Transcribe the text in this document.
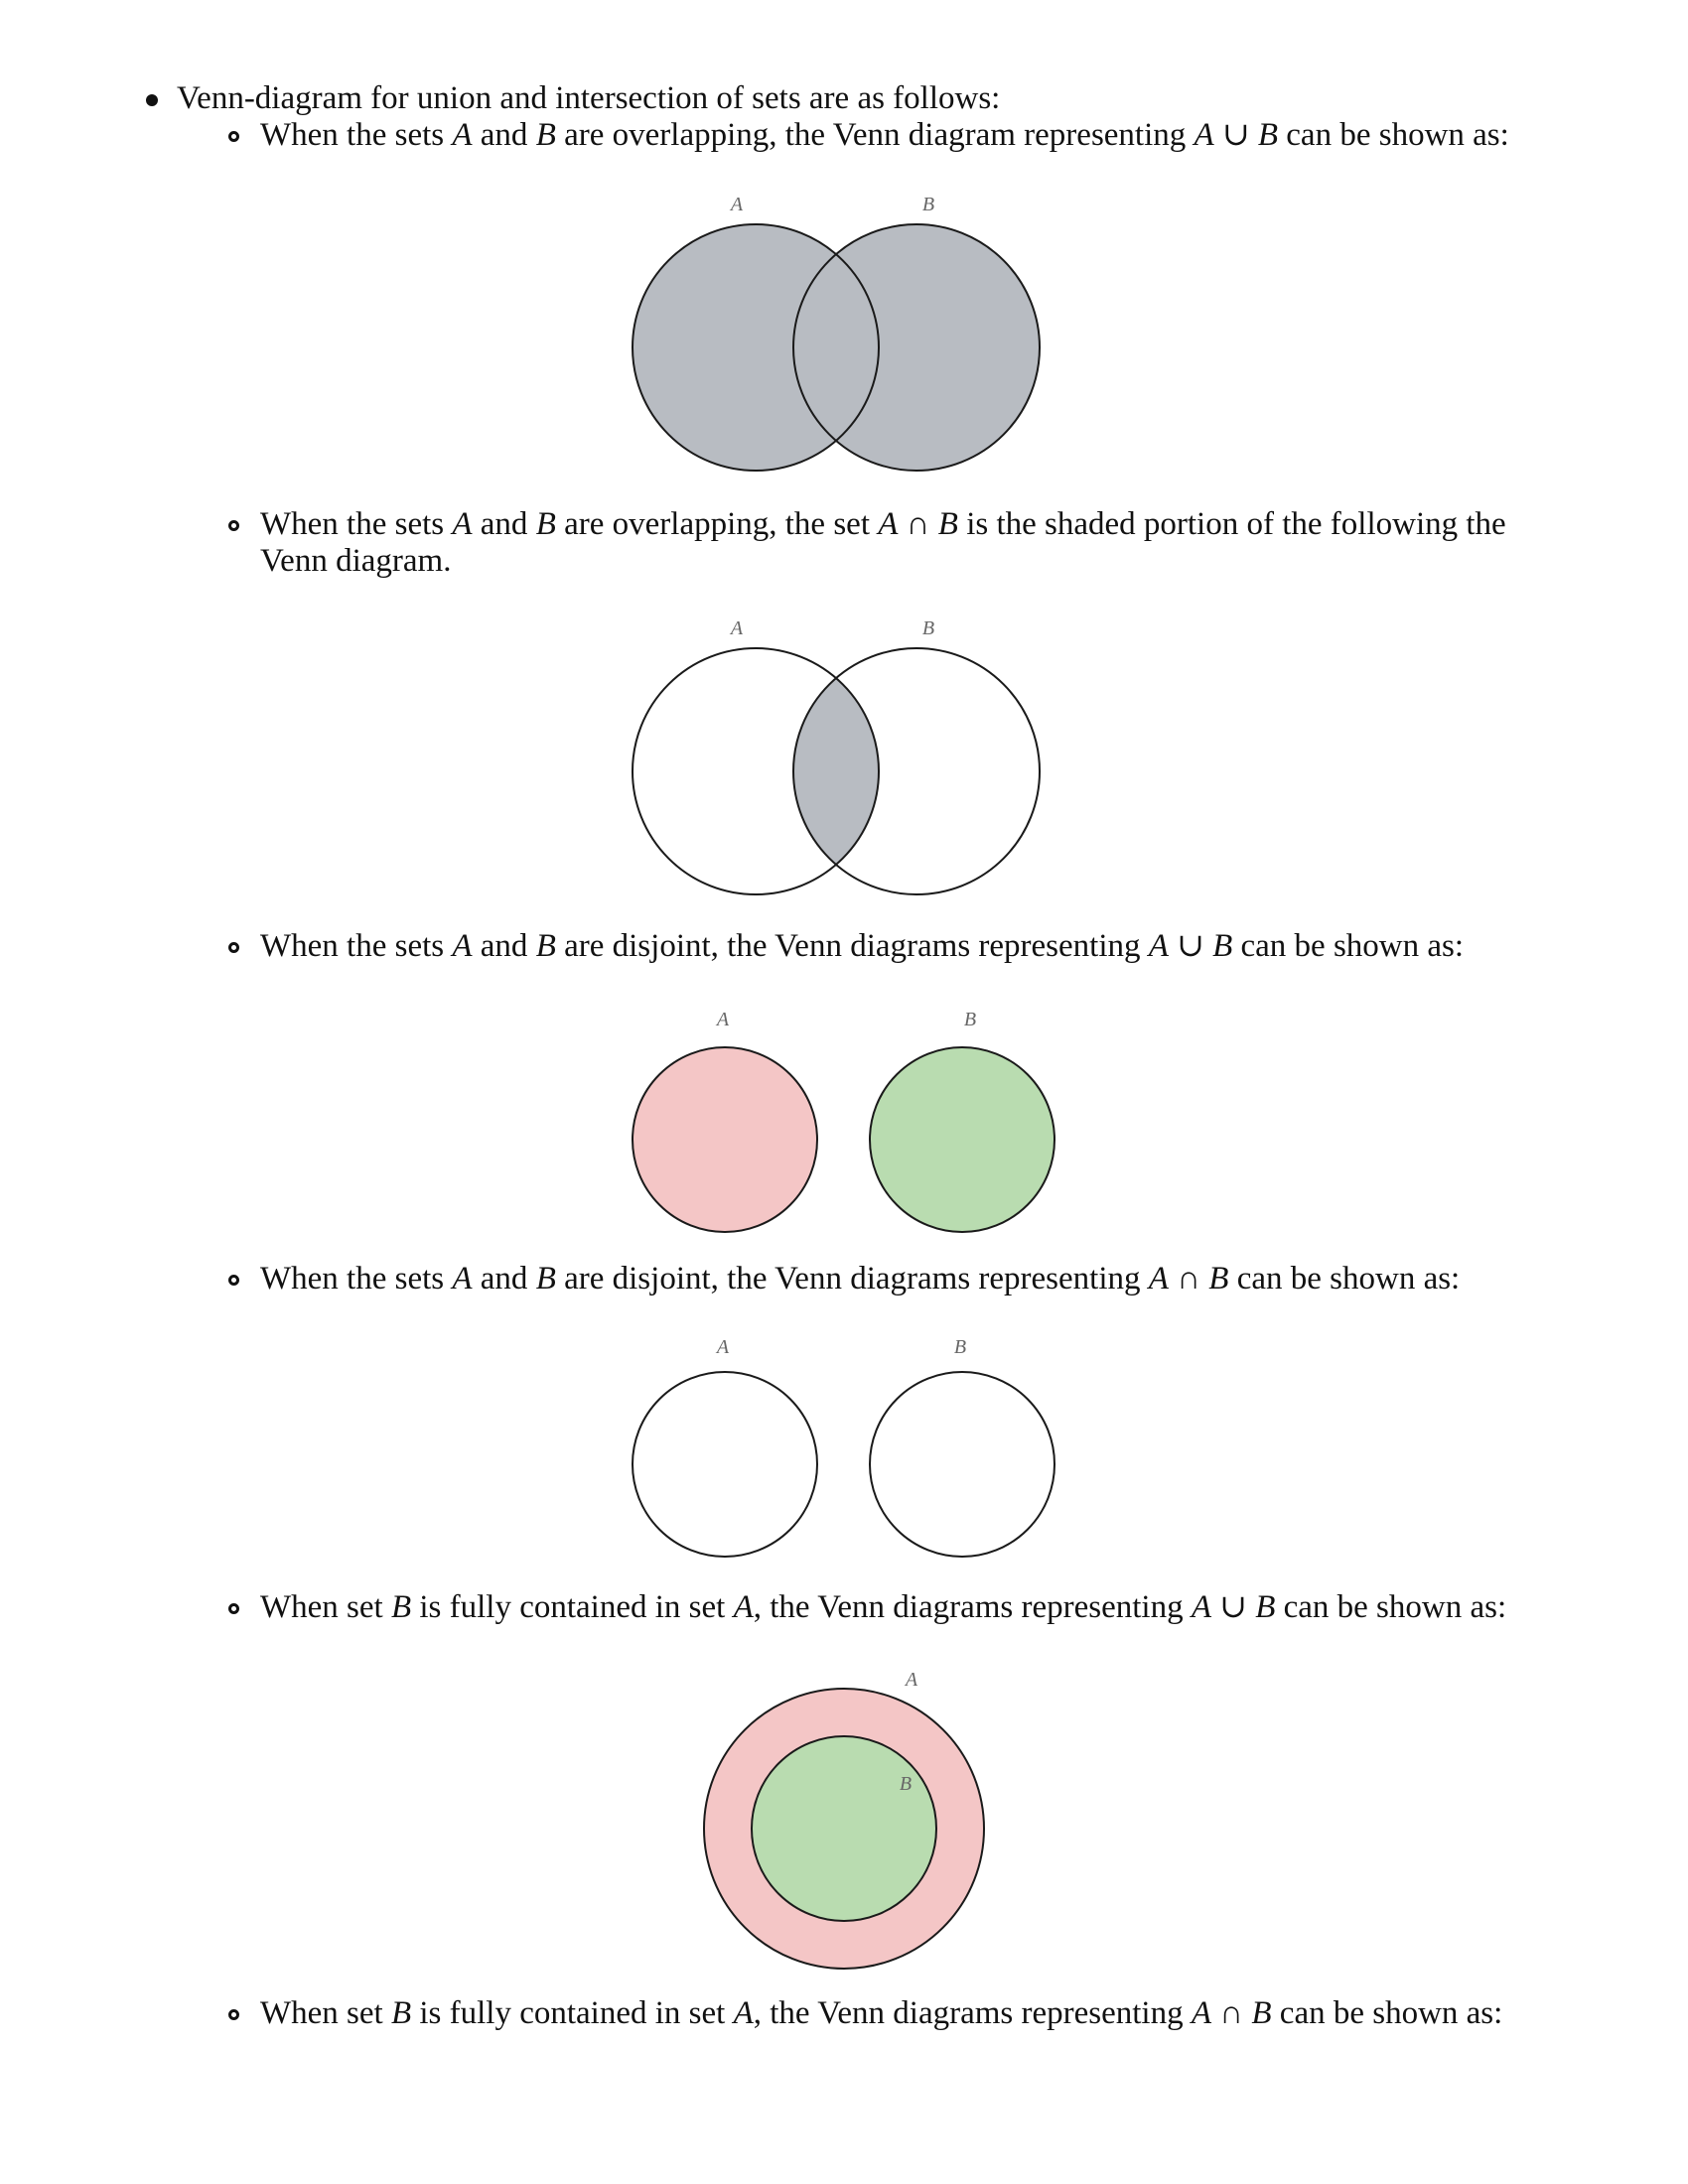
Venn-diagram for union and intersection of sets are as follows:
When the sets A and B are overlapping, the Venn diagram representing A ∪ B can be shown as:
A	B
When the sets A and B are overlapping, the set A ∩ B is the shaded portion of the following the
Venn diagram.
A	B
When the sets A and B are disjoint, the Venn diagrams representing A ∪ B can be shown as:
A	B
When the sets A and B are disjoint, the Venn diagrams representing A ∩ B can be shown as:
A	B
When set B is fully contained in set A, the Venn diagrams representing A ∪ B can be shown as:
A
B
When set B is fully contained in set A, the Venn diagrams representing A ∩ B can be shown as:
